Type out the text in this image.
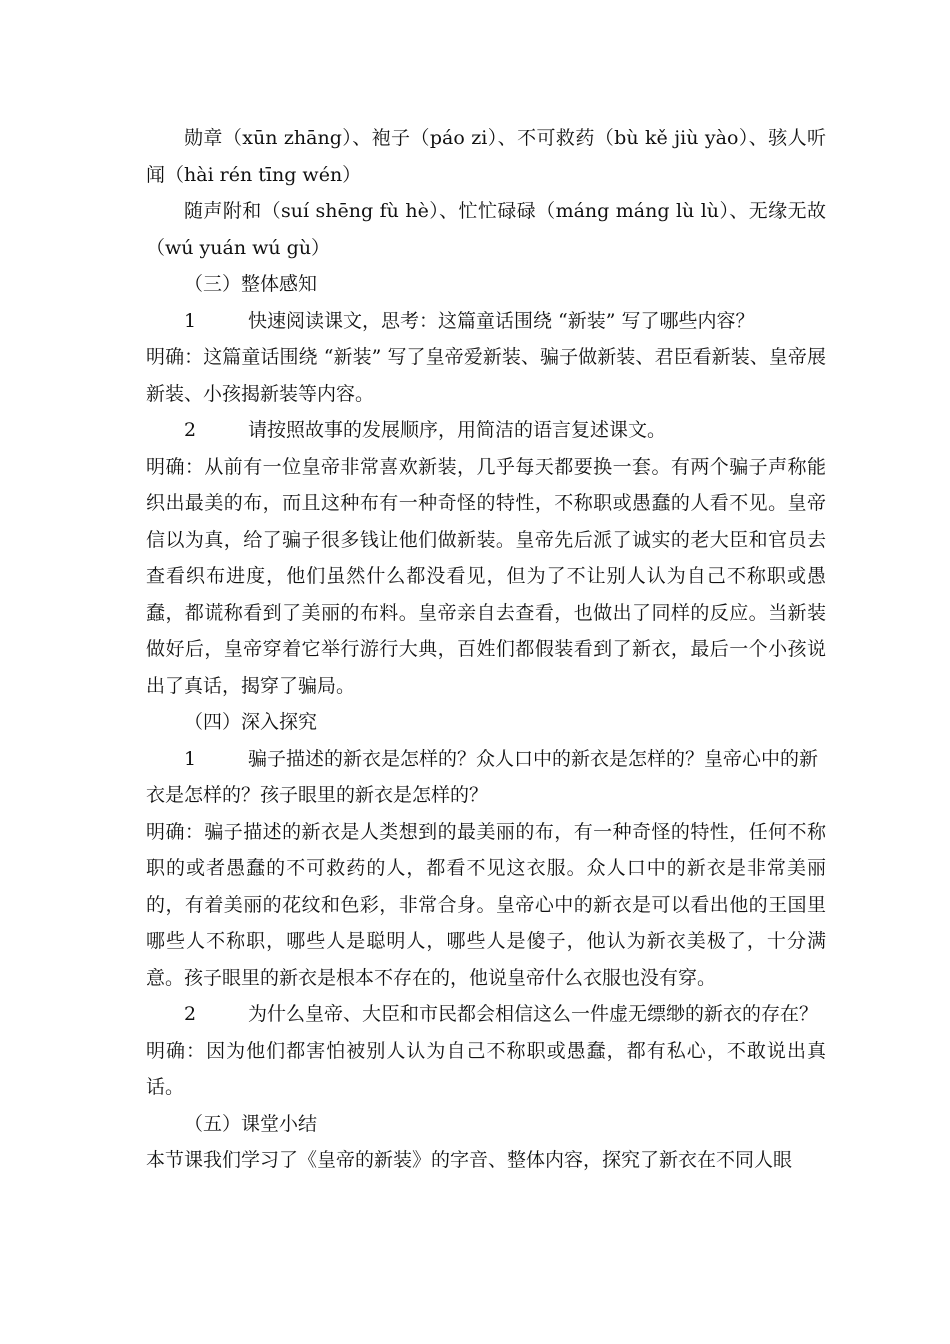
勋章（xūn zhāng）、袍子（páo zi）、不可救药（bù kě jiù yào）、骇人听闻（hài rén tīng wén）

随声附和（suí shēng fù hè）、忙忙碌碌（máng máng lù lù）、无缘无故（wú yuán wú gù）

（三）整体感知

1	快速阅读课文，思考：这篇童话围绕 “新装” 写了哪些内容？

明确：这篇童话围绕 “新装” 写了皇帝爱新装、骗子做新装、君臣看新装、皇帝展新装、小孩揭新装等内容。

2	请按照故事的发展顺序，用简洁的语言复述课文。

明确：从前有一位皇帝非常喜欢新装，几乎每天都要换一套。有两个骗子声称能织出最美的布，而且这种布有一种奇怪的特性，不称职或愚蠢的人看不见。皇帝信以为真，给了骗子很多钱让他们做新装。皇帝先后派了诚实的老大臣和官员去查看织布进度，他们虽然什么都没看见，但为了不让别人认为自己不称职或愚蠢，都谎称看到了美丽的布料。皇帝亲自去查看，也做出了同样的反应。当新装做好后，皇帝穿着它举行游行大典，百姓们都假装看到了新衣，最后一个小孩说出了真话，揭穿了骗局。

（四）深入探究

1	骗子描述的新衣是怎样的？众人口中的新衣是怎样的？皇帝心中的新衣是怎样的？孩子眼里的新衣是怎样的？

明确：骗子描述的新衣是人类想到的最美丽的布，有一种奇怪的特性，任何不称职的或者愚蠢的不可救药的人，都看不见这衣服。众人口中的新衣是非常美丽的，有着美丽的花纹和色彩，非常合身。皇帝心中的新衣是可以看出他的王国里哪些人不称职，哪些人是聪明人，哪些人是傻子，他认为新衣美极了，十分满意。孩子眼里的新衣是根本不存在的，他说皇帝什么衣服也没有穿。

2	为什么皇帝、大臣和市民都会相信这么一件虚无缥缈的新衣的存在？

明确：因为他们都害怕被别人认为自己不称职或愚蠢，都有私心，不敢说出真话。

（五）课堂小结

本节课我们学习了《皇帝的新装》的字音、整体内容，探究了新衣在不同人眼
